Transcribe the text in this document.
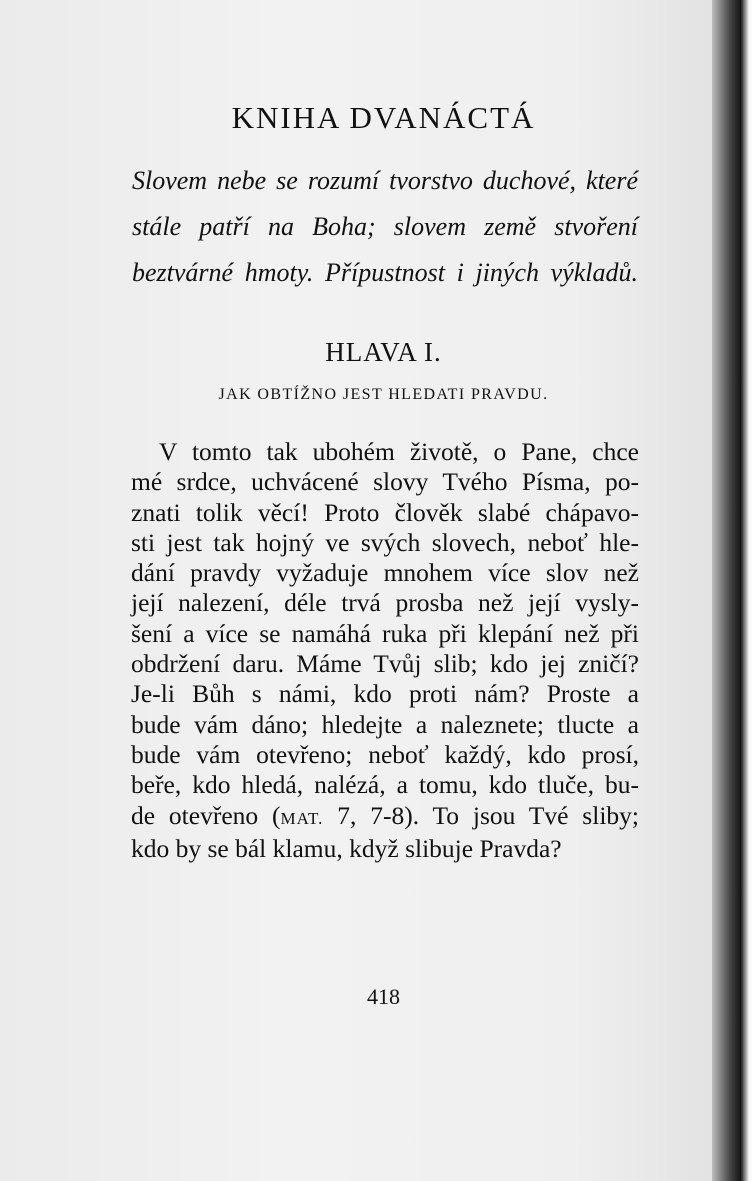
KNIHA DVANÁCTÁ
Slovem nebe se rozumí tvorstvo duchové, které
stále patří na Boha; slovem země stvoření
beztvárné hmoty. Přípustnost i jiných výkladů.
HLAVA I.
JAK OBTÍŽNO JEST HLEDATI PRAVDU.
V tomto tak ubohém životě, o Pane, chce
mé srdce, uchvácené slovy Tvého Písma, po-
znati tolik věcí! Proto člověk slabé chápavo-
sti jest tak hojný ve svých slovech, neboť hle-
dání pravdy vyžaduje mnohem více slov než
její nalezení, déle trvá prosba než její vysly-
šení a více se namáhá ruka při klepání než při
obdržení daru. Máme Tvůj slib; kdo jej zničí?
Je-li Bůh s námi, kdo proti nám? Proste a
bude vám dáno; hledejte a naleznete; tlucte a
bude vám otevřeno; neboť každý, kdo prosí,
beře, kdo hledá, nalézá, a tomu, kdo tluče, bu-
de otevřeno (MAT. 7, 7-8). To jsou Tvé sliby;
kdo by se bál klamu, když slibuje Pravda?
418
